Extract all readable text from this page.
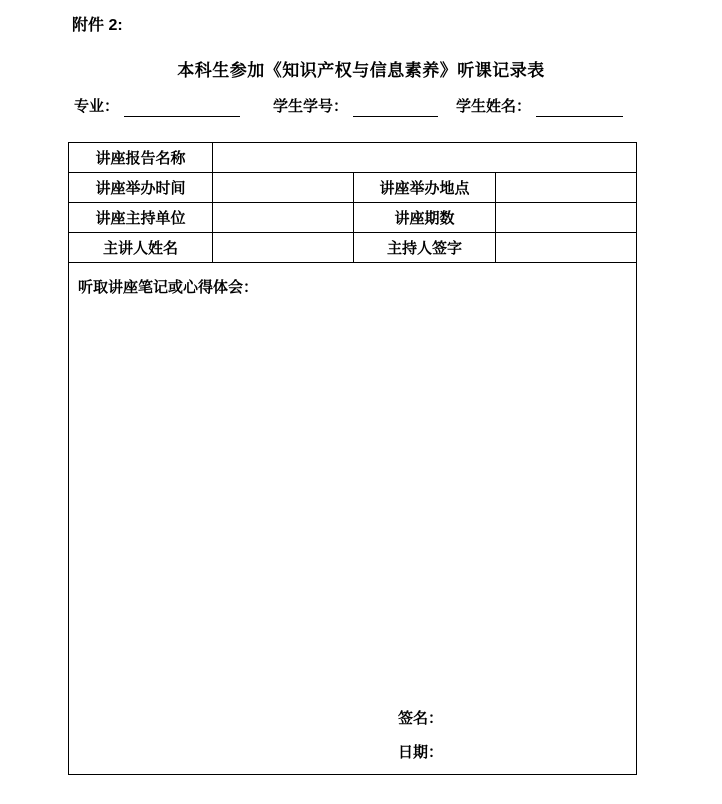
附件 2:
本科生参加《知识产权与信息素养》听课记录表
专业：	学生学号：	学生姓名：
讲座报告名称			
讲座举办时间		讲座举办地点	
讲座主持单位		讲座期数	
主讲人姓名		主持人签字	

听取讲座笔记或心得体会：
签名：
日期：			
